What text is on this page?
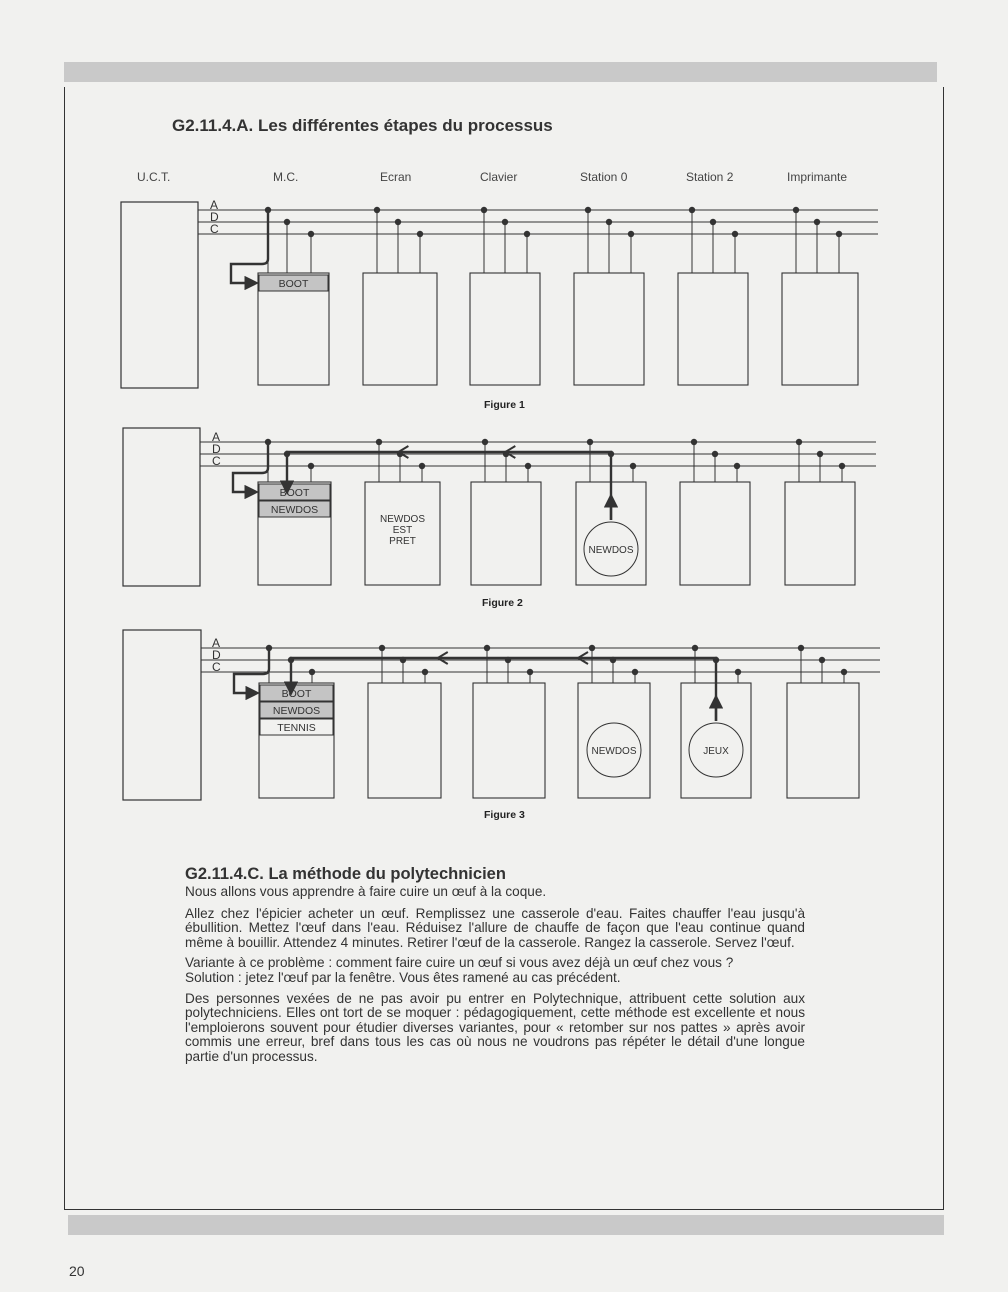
G2.11.4.A. Les différentes étapes du processus
U.C.T.	M.C.	Ecran	Clavier	Station 0	Station 2	Imprimante
A
D
C
BOOT
Figure 1
A
D
C
BOOT
NEWDOS
NEWDOS
EST
PRET
NEWDOS
Figure 2
A
D
C
BOOT
NEWDOS
TENNIS
NEWDOS	JEUX
Figure 3
G2.11.4.C. La méthode du polytechnicien

Nous allons vous apprendre à faire cuire un œuf à la coque.

Allez chez l'épicier acheter un œuf. Remplissez une casserole d'eau. Faites chauffer l'eau jusqu'à ébullition. Mettez l'œuf dans l'eau. Réduisez l'allure de chauffe de façon que l'eau continue quand même à bouillir. Attendez 4 minutes. Retirer l'œuf de la casserole. Rangez la casserole. Servez l'œuf.

Variante à ce problème : comment faire cuire un œuf si vous avez déjà un œuf chez vous ?

Solution : jetez l'œuf par la fenêtre. Vous êtes ramené au cas précédent.

Des personnes vexées de ne pas avoir pu entrer en Polytechnique, attribuent cette solution aux polytechniciens. Elles ont tort de se moquer : pédagogiquement, cette méthode est excellente et nous l'emploierons souvent pour étudier diverses variantes, pour « retomber sur nos pattes » après avoir commis une erreur, bref dans tous les cas où nous ne voudrons pas répéter le détail d'une longue partie d'un processus.

20
